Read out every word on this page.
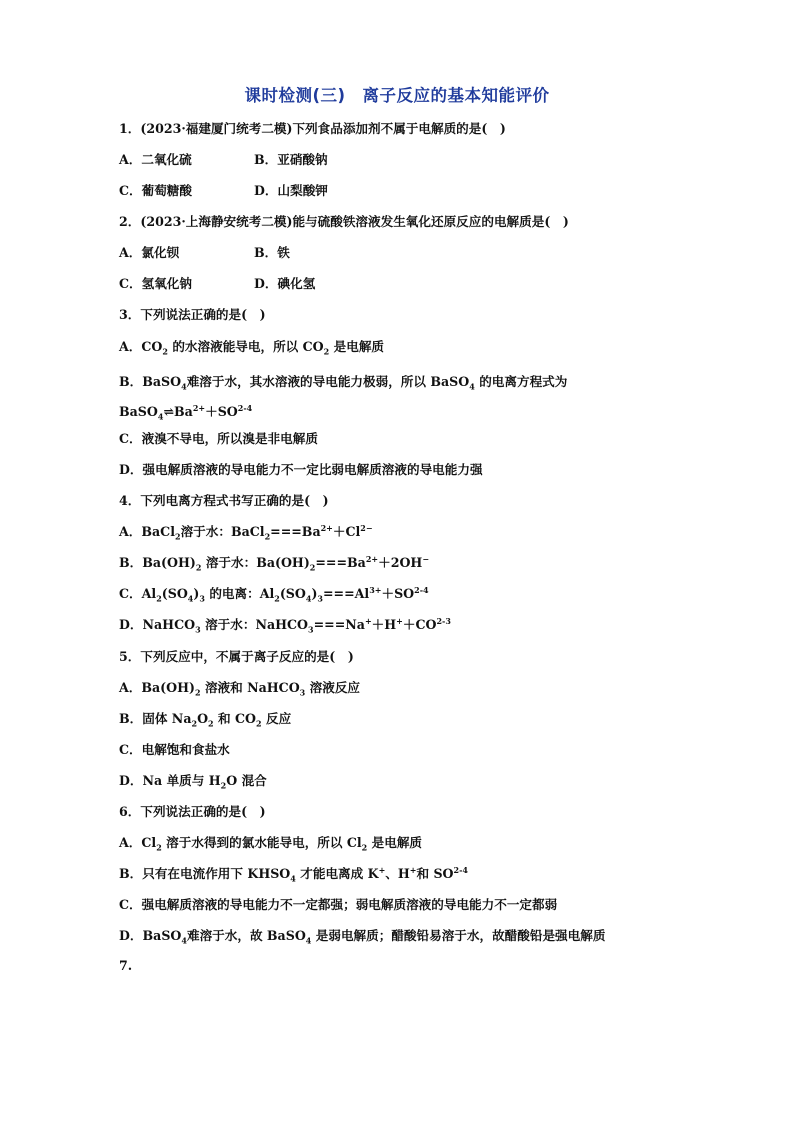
课时检测(三)　离子反应的基本知能评价
1．(2023·福建厦门统考二模)下列食品添加剂不属于电解质的是(　)
A．二氧化硫	B．亚硝酸钠
C．葡萄糖酸	D．山梨酸钾
2．(2023·上海静安统考二模)能与硫酸铁溶液发生氧化还原反应的电解质是(　)
A．氯化钡	B．铁
C．氢氧化钠	D．碘化氢
3．下列说法正确的是(　)
A．$CO_2$ 的水溶液能导电，所以 $CO_2$ 是电解质
B．BaSO$_4$难溶于水，其水溶液的导电能力极弱，所以 BaSO$_4$ 的电离方程式为
$BaSO_4\rightleftharpoons Ba^{2+}+SO^{2-4}$
C．液溴不导电，所以溴是非电解质
D．强电解质溶液的导电能力不一定比弱电解质溶液的导电能力强
4．下列电离方程式书写正确的是(　)
A．BaCl$_2$溶于水：$BaCl_2===Ba^{2+}+Cl^{2-}$
B．$Ba(OH)_2$ 溶于水：$Ba(OH)_2===Ba^{2+}+2OH^-$
C．$Al_2(SO_4)_3$ 的电离：$Al_2(SO_4)_3===Al^{3+}+SO^{2-4}$
D．NaHCO$_3$ 溶于水：$NaHCO_3===Na^++H^++CO^{2-3}$
5．下列反应中，不属于离子反应的是(　)
A．$Ba(OH)_2$ 溶液和 NaHCO$_3$ 溶液反应
B．固体 $Na_2O_2$ 和 $CO_2$ 反应
C．电解饱和食盐水
D．Na 单质与 $H_2O$ 混合
6．下列说法正确的是(　)
A．$Cl_2$ 溶于水得到的氯水能导电，所以 $Cl_2$ 是电解质
B．只有在电流作用下 $KHSO_4$ 才能电离成 K+、H+和 SO$^{2-4}$
C．强电解质溶液的导电能力不一定都强；弱电解质溶液的导电能力不一定都弱
D．BaSO$_4$难溶于水，故 BaSO$_4$ 是弱电解质；醋酸铅易溶于水，故醋酸铅是强电解质
7.
